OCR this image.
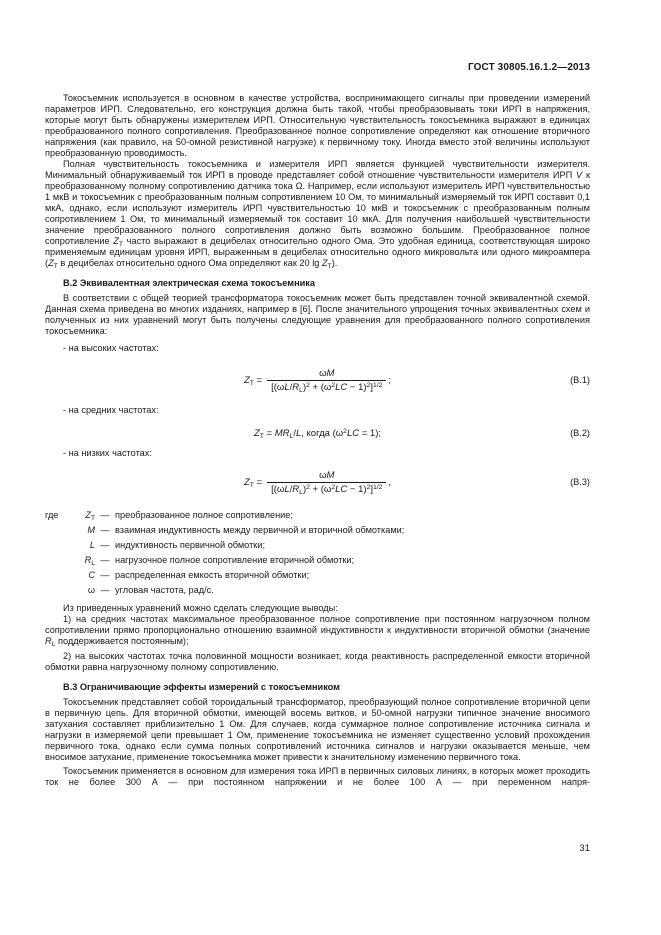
ГОСТ 30805.16.1.2—2013

Токосъемник используется в основном в качестве устройства, воспринимающего сигналы при проведении измерений параметров ИРП. Следовательно, его конструкция должна быть такой, чтобы преобразовывать токи ИРП в напряжения, которые могут быть обнаружены измерителем ИРП. Относительную чувствительность токосъемника выражают в единицах преобразованного полного сопротивления. Преобразованное полное сопротивление определяют как отношение вторичного напряжения (как правило, на 50-омной резистивной нагрузке) к первичному току. Иногда вместо этой величины используют преобразованную проводимость.

Полная чувствительность токосъемника и измерителя ИРП является функцией чувствительности измерителя. Минимальный обнаруживаемый ток ИРП в проводе представляет собой отношение чувствительности измерителя ИРП V к преобразованному полному сопротивлению датчика тока Ω. Например, если используют измеритель ИРП чувствительностью 1 мкВ и токосъемник с преобразованным полным сопротивлением 10 Ом, то минимальный измеряемый ток ИРП составит 0,1 мкА, однако, если используют измеритель ИРП чувствительностью 10 мкВ и токосъемник с преобразованным полным сопротивлением 1 Ом, то минимальный измеряемый ток составит 10 мкА. Для получения наибольшей чувствительности значение преобразованного полного сопротивления должно быть возможно большим. Преобразованное полное сопротивление $Z_T$ часто выражают в децибелах относительно одного Ома. Это удобная единица, соответствующая широко применяемым единицам уровня ИРП, выраженным в децибелах относительно одного микровольта или одного микроампера ($Z_T$ в децибелах относительно одного Ома определяют как 20 $\lg Z_T$).

В.2 Эквивалентная электрическая схема токосъемника

В соответствии с общей теорией трансформатора токосъемник может быть представлен точной эквивалентной схемой. Данная схема приведена во многих изданиях, например в [6]. После значительного упрощения точных эквивалентных схем и полученных из них уравнений могут быть получены следующие уравнения для преобразованного полного сопротивления токосъемника:

- на высоких частотах:

$Z_T = \frac{\omega M}{[(\omega L/R_L)^2 + (\omega^2LC - 1)^2]^{1/2}}$ ;	(В.1)

- на средних частотах:

$Z_T = MR_L/L$, когда $(\omega^2LC = 1)$;	(В.2)

- на низких частотах:

$Z_T = \frac{\omega M}{[(\omega L/R_L)^2 + (\omega^2LC - 1)^2]^{1/2}}$ ,	(В.3)
где	$Z_T$ — преобразованное полное сопротивление;
M — взаимная индуктивность между первичной и вторичной обмотками;
L — индуктивность первичной обмотки;
$R_L$ — нагрузочное полное сопротивление вторичной обмотки;
C — распределенная емкость вторичной обмотки;
ω — угловая частота, рад/с.

Из приведенных уравнений можно сделать следующие выводы:

1) на средних частотах максимальное преобразованное полное сопротивление при постоянном нагрузочном полном сопротивлении прямо пропорционально отношению взаимной индуктивности к индуктивности вторичной обмотки (значение $R_L$ поддерживается постоянным);

2) на высоких частотах точка половинной мощности возникает, когда реактивность распределенной емкости вторичной обмотки равна нагрузочному полному сопротивлению.

В.3 Ограничивающие эффекты измерений с токосъемником

Токосъемник представляет собой тороидальный трансформатор, преобразующий полное сопротивление вторичной цепи в первичную цепь. Для вторичной обмотки, имеющей восемь витков, и 50-омной нагрузки типичное значение вносимого затухания составляет приблизительно 1 Ом. Для случаев, когда суммарное полное сопротивление источника сигнала и нагрузки в измеряемой цепи превышает 1 Ом, применение токосъемника не изменяет существенно условий прохождения первичного тока, однако если сумма полных сопротивлений источника сигналов и нагрузки оказывается меньше, чем вносимое затухание, применение токосъемника может привести к значительному изменению первичного тока.

Токосъемник применяется в основном для измерения тока ИРП в первичных силовых линиях, в которых может проходить ток не более 300 А — при постоянном напряжении и не более 100 А — при переменном напря-

31
